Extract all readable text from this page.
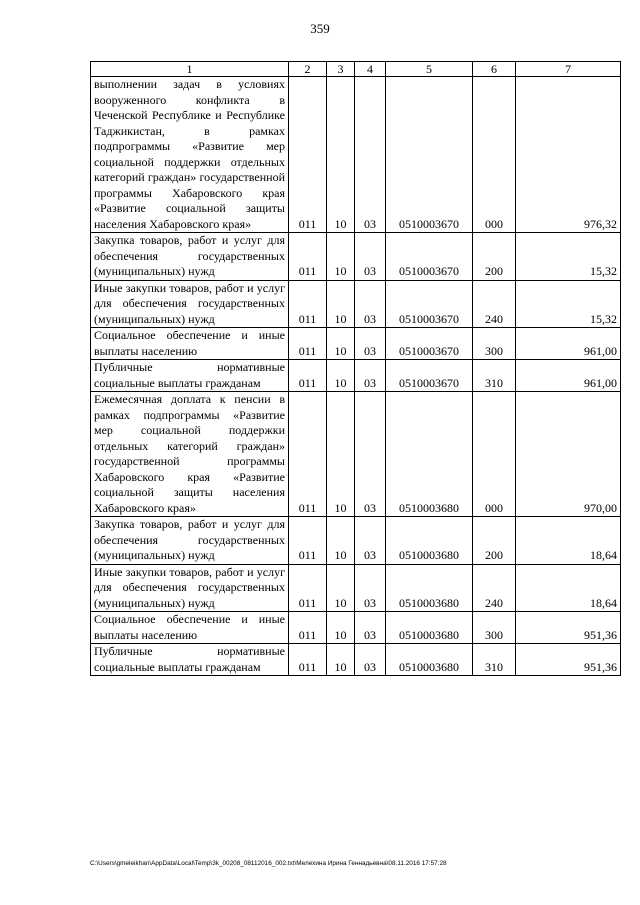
359
1	2	3	4	5	6	7
выполнении задач в условиях вооруженного конфликта в Чеченской Республике и Республике Таджикистан, в рамках подпрограммы «Развитие мер социальной поддержки отдельных категорий граждан» государственной программы Хабаровского края «Развитие социальной защиты населения Хабаровского края»	011	10	03	0510003670	000	976,32
Закупка товаров, работ и услуг для обеспечения государственных (муниципальных) нужд	011	10	03	0510003670	200	15,32
Иные закупки товаров, работ и услуг для обеспечения государственных (муниципальных) нужд	011	10	03	0510003670	240	15,32
Социальное обеспечение и иные выплаты населению	011	10	03	0510003670	300	961,00
Публичные нормативные социальные выплаты гражданам	011	10	03	0510003670	310	961,00
Ежемесячная доплата к пенсии в рамках подпрограммы «Развитие мер социальной поддержки отдельных категорий граждан» государственной программы Хабаровского края «Развитие социальной защиты населения Хабаровского края»	011	10	03	0510003680	000	970,00
Закупка товаров, работ и услуг для обеспечения государственных (муниципальных) нужд	011	10	03	0510003680	200	18,64
Иные закупки товаров, работ и услуг для обеспечения государственных (муниципальных) нужд	011	10	03	0510003680	240	18,64
Социальное обеспечение и иные выплаты населению	011	10	03	0510003680	300	951,36
Публичные нормативные социальные выплаты гражданам	011	10	03	0510003680	310	951,36
C:\Users\gmeleikhan\AppData\Local\Temp\3k_00208_08112016_002.txt\Мелехина Ирина Геннадьевна\08.11.2016 17:57:28
